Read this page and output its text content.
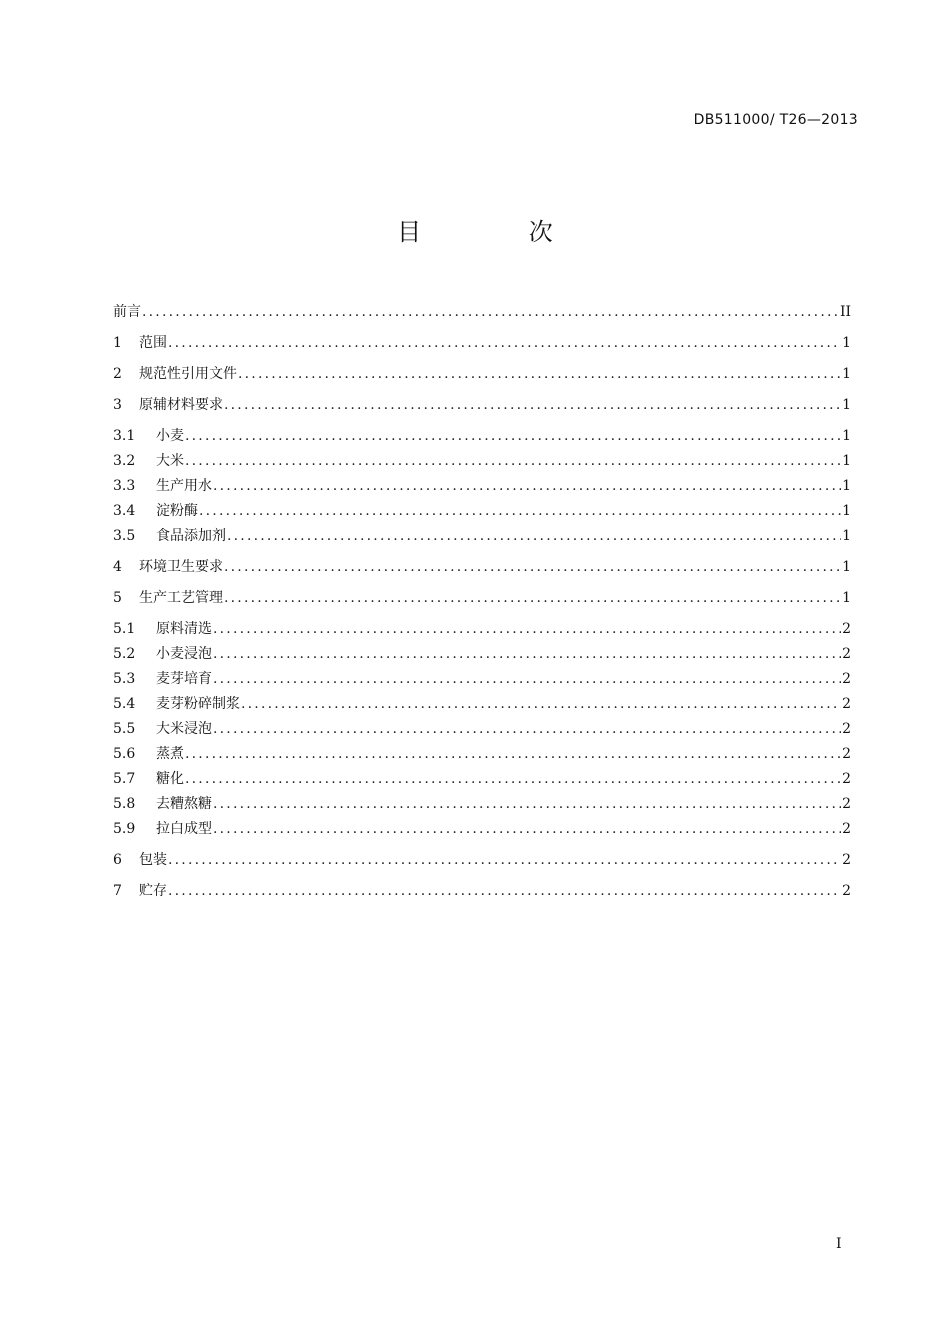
DB511000/ T26—2013
目 次
前言 .....	II
1	范围 .....	1
2	规范性引用文件 .....	1
3	原辅材料要求 .....	1
3.1	小麦 .....	1
3.2	大米 .....	1
3.3	生产用水 .....	1
3.4	淀粉酶 .....	1
3.5	食品添加剂 .....	1
4	环境卫生要求 .....	1
5	生产工艺管理 .....	1
5.1	原料清选 .....	2
5.2	小麦浸泡 .....	2
5.3	麦芽培育 .....	2
5.4	麦芽粉碎制浆 .....	2
5.5	大米浸泡 .....	2
5.6	蒸煮 .....	2
5.7	糖化 .....	2
5.8	去糟熬糖 .....	2
5.9	拉白成型 .....	2
6	包装 .....	2
7	贮存 .....	2
I
